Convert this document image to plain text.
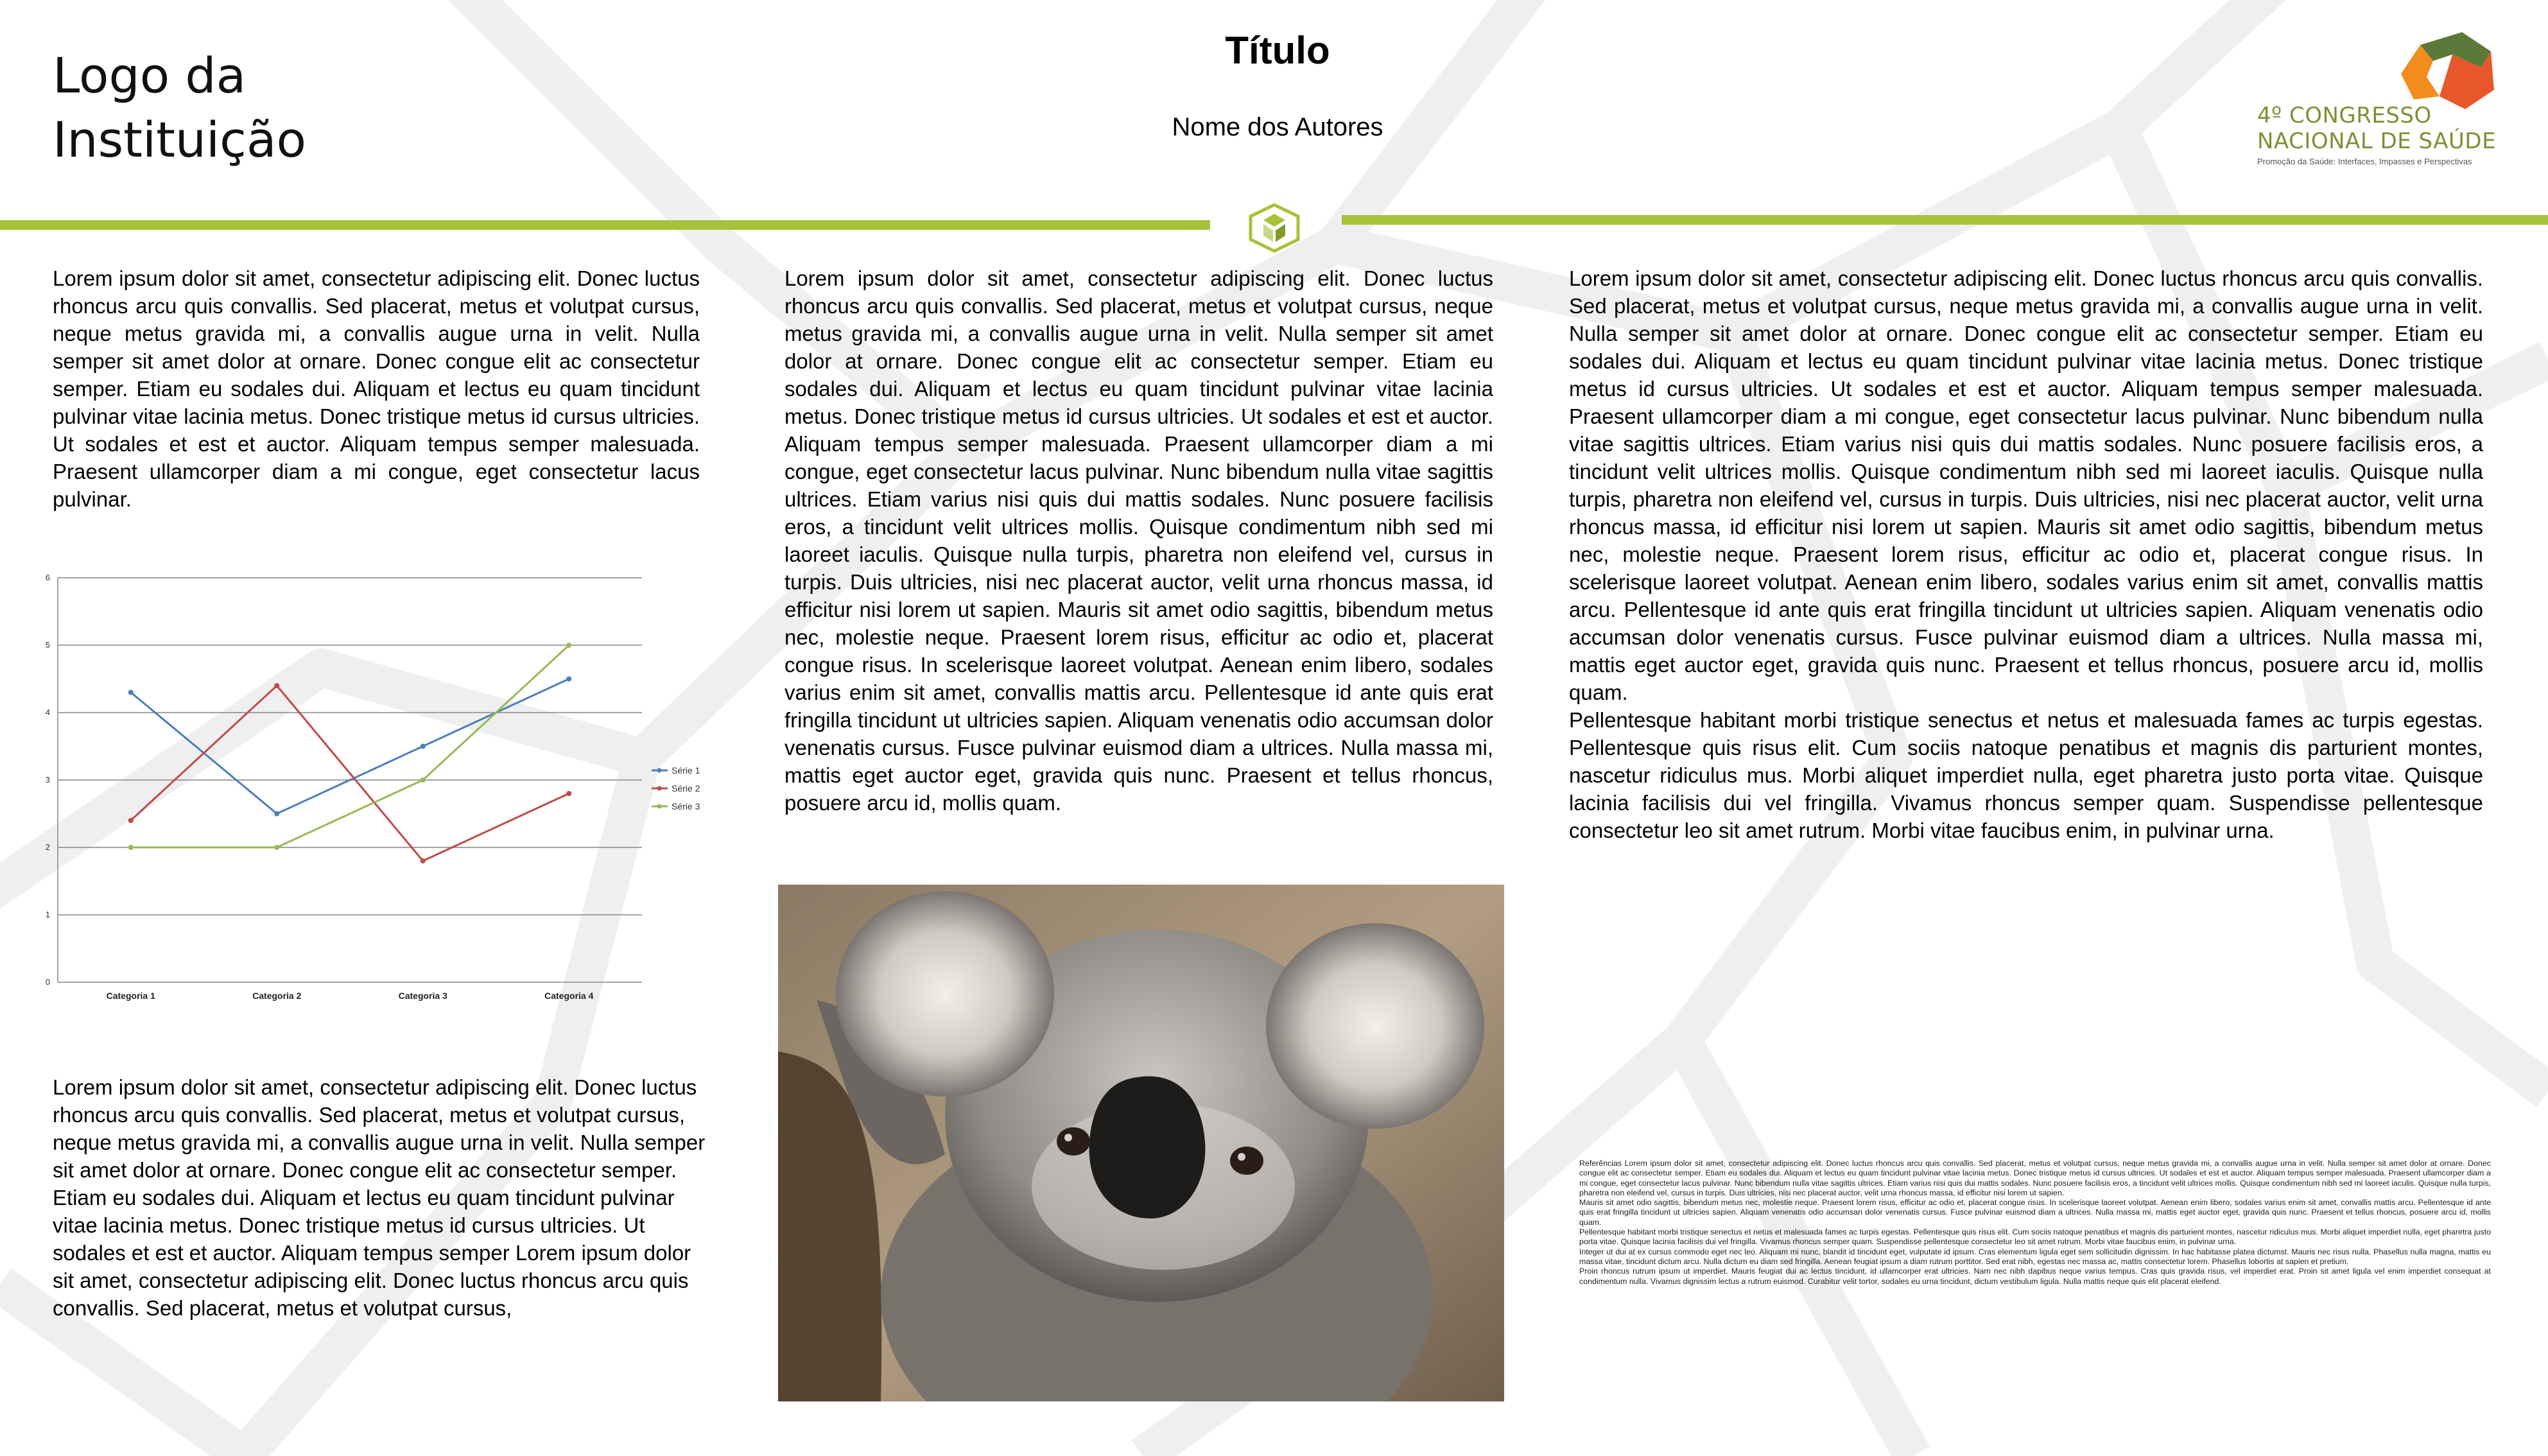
Logo da Instituição
Título
Nome dos Autores	4º CONGRESSO
NACIONAL DE SAÚDE
Promoção da Saúde: Interfaces, Impasses e Perspectivas
Lorem ipsum dolor sit amet, consectetur adipiscing elit. Donec luctus rhoncus arcu quis convallis. Sed placerat, metus et volutpat cursus, neque metus gravida mi, a convallis augue urna in velit. Nulla semper sit amet dolor at ornare. Donec congue elit ac consectetur semper. Etiam eu sodales dui. Aliquam et lectus eu quam tincidunt pulvinar vitae lacinia metus. Donec tristique metus id cursus ultricies. Ut sodales et est et auctor. Aliquam tempus semper malesuada. Praesent ullamcorper diam a mi congue, eget consectetur lacus pulvinar.
0
1
2
3
4
5
6
Categoria 1	Categoria 2	Categoria 3	Categoria 4
Série 1
Série 2
Série 3
Lorem ipsum dolor sit amet, consectetur adipiscing elit. Donec luctus rhoncus arcu quis convallis. Sed placerat, metus et volutpat cursus, neque metus gravida mi, a convallis augue urna in velit. Nulla semper sit amet dolor at ornare. Donec congue elit ac consectetur semper. Etiam eu sodales dui. Aliquam et lectus eu quam tincidunt pulvinar vitae lacinia metus. Donec tristique metus id cursus ultricies. Ut sodales et est et auctor. Aliquam tempus semper Lorem ipsum dolor sit amet, consectetur adipiscing elit. Donec luctus rhoncus arcu quis convallis. Sed placerat, metus et volutpat cursus,
Lorem ipsum dolor sit amet, consectetur adipiscing elit. Donec luctus rhoncus arcu quis convallis. Sed placerat, metus et volutpat cursus, neque metus gravida mi, a convallis augue urna in velit. Nulla semper sit amet dolor at ornare. Donec congue elit ac consectetur semper. Etiam eu sodales dui. Aliquam et lectus eu quam tincidunt pulvinar vitae lacinia metus. Donec tristique metus id cursus ultricies. Ut sodales et est et auctor. Aliquam tempus semper malesuada. Praesent ullamcorper diam a mi congue, eget consectetur lacus pulvinar. Nunc bibendum nulla vitae sagittis ultrices. Etiam varius nisi quis dui mattis sodales. Nunc posuere facilisis eros, a tincidunt velit ultrices mollis. Quisque condimentum nibh sed mi laoreet iaculis. Quisque nulla turpis, pharetra non eleifend vel, cursus in turpis. Duis ultricies, nisi nec placerat auctor, velit urna rhoncus massa, id efficitur nisi lorem ut sapien. Mauris sit amet odio sagittis, bibendum metus nec, molestie neque. Praesent lorem risus, efficitur ac odio et, placerat congue risus. In scelerisque laoreet volutpat. Aenean enim libero, sodales varius enim sit amet, convallis mattis arcu. Pellentesque id ante quis erat fringilla tincidunt ut ultricies sapien. Aliquam venenatis odio accumsan dolor venenatis cursus. Fusce pulvinar euismod diam a ultrices. Nulla massa mi, mattis eget auctor eget, gravida quis nunc. Praesent et tellus rhoncus, posuere arcu id, mollis quam.

Lorem ipsum dolor sit amet, consectetur adipiscing elit. Donec luctus rhoncus arcu quis convallis. Sed placerat, metus et volutpat cursus, neque metus gravida mi, a convallis augue urna in velit. Nulla semper sit amet dolor at ornare. Donec congue elit ac consectetur semper. Etiam eu sodales dui. Aliquam et lectus eu quam tincidunt pulvinar vitae lacinia metus. Donec tristique metus id cursus ultricies. Ut sodales et est et auctor. Aliquam tempus semper malesuada. Praesent ullamcorper diam a mi congue, eget consectetur lacus pulvinar. Nunc bibendum nulla vitae sagittis ultrices. Etiam varius nisi quis dui mattis sodales. Nunc posuere facilisis eros, a tincidunt velit ultrices mollis. Quisque condimentum nibh sed mi laoreet iaculis. Quisque nulla turpis, pharetra non eleifend vel, cursus in turpis. Duis ultricies, nisi nec placerat auctor, velit urna rhoncus massa, id efficitur nisi lorem ut sapien. Mauris sit amet odio sagittis, bibendum metus nec, molestie neque. Praesent lorem risus, efficitur ac odio et, placerat congue risus. In scelerisque laoreet volutpat. Aenean enim libero, sodales varius enim sit amet, convallis mattis arcu. Pellentesque id ante quis erat fringilla tincidunt ut ultricies sapien. Aliquam venenatis odio accumsan dolor venenatis cursus. Fusce pulvinar euismod diam a ultrices. Nulla massa mi, mattis eget auctor eget, gravida quis nunc. Praesent et tellus rhoncus, posuere arcu id, mollis quam.

Pellentesque habitant morbi tristique senectus et netus et malesuada fames ac turpis egestas. Pellentesque quis risus elit. Cum sociis natoque penatibus et magnis dis parturient montes, nascetur ridiculus mus. Morbi aliquet imperdiet nulla, eget pharetra justo porta vitae. Quisque lacinia facilisis dui vel fringilla. Vivamus rhoncus semper quam. Suspendisse pellentesque consectetur leo sit amet rutrum. Morbi vitae faucibus enim, in pulvinar urna.

Referências Lorem ipsum dolor sit amet, consectetur adipiscing elit. Donec luctus rhoncus arcu quis convallis. Sed placerat, metus et volutpat cursus, neque metus gravida mi, a convallis augue urna in velit. Nulla semper sit amet dolor at ornare. Donec congue elit ac consectetur semper. Etiam eu sodales dui. Aliquam et lectus eu quam tincidunt pulvinar vitae lacinia metus. Donec tristique metus id cursus ultricies. Ut sodales et est et auctor. Aliquam tempus semper malesuada. Praesent ullamcorper diam a mi congue, eget consectetur lacus pulvinar. Nunc bibendum nulla vitae sagittis ultrices. Etiam varius nisi quis dui mattis sodales. Nunc posuere facilisis eros, a tincidunt velit ultrices mollis. Quisque condimentum nibh sed mi laoreet iaculis. Quisque nulla turpis, pharetra non eleifend vel, cursus in turpis. Duis ultricies, nisi nec placerat auctor, velit urna rhoncus massa, id efficitur nisi lorem ut sapien.

Mauris sit amet odio sagittis, bibendum metus nec, molestie neque. Praesent lorem risus, efficitur ac odio et, placerat congue risus. In scelerisque laoreet volutpat. Aenean enim libero, sodales varius enim sit amet, convallis mattis arcu. Pellentesque id ante quis erat fringilla tincidunt ut ultricies sapien. Aliquam venenatis odio accumsan dolor venenatis cursus. Fusce pulvinar euismod diam a ultrices. Nulla massa mi, mattis eget auctor eget, gravida quis nunc. Praesent et tellus rhoncus, posuere arcu id, mollis quam.

Pellentesque habitant morbi tristique senectus et netus et malesuada fames ac turpis egestas. Pellentesque quis risus elit. Cum sociis natoque penatibus et magnis dis parturient montes, nascetur ridiculus mus. Morbi aliquet imperdiet nulla, eget pharetra justo porta vitae. Quisque lacinia facilisis dui vel fringilla. Vivamus rhoncus semper quam. Suspendisse pellentesque consectetur leo sit amet rutrum. Morbi vitae faucibus enim, in pulvinar urna.

Integer ut dui at ex cursus commodo eget nec leo. Aliquam mi nunc, blandit id tincidunt eget, vulputate id ipsum. Cras elementum ligula eget sem sollicitudin dignissim. In hac habitasse platea dictumst. Mauris nec risus nulla. Phasellus nulla magna, mattis eu massa vitae, tincidunt dictum arcu. Nulla dictum eu diam sed fringilla. Aenean feugiat ipsum a diam rutrum porttitor. Sed erat nibh, egestas nec massa ac, mattis consectetur lorem. Phasellus lobortis at sapien et pretium.

Proin rhoncus rutrum ipsum ut imperdiet. Mauris feugiat dui ac lectus tincidunt, id ullamcorper erat ultricies. Nam nec nibh dapibus neque varius tempus. Cras quis gravida risus, vel imperdiet erat. Proin sit amet ligula vel enim imperdiet consequat at condimentum nulla. Vivamus dignissim lectus a rutrum euismod. Curabitur velit tortor, sodales eu urna tincidunt, dictum vestibulum ligula. Nulla mattis neque quis elit placerat eleifend.
